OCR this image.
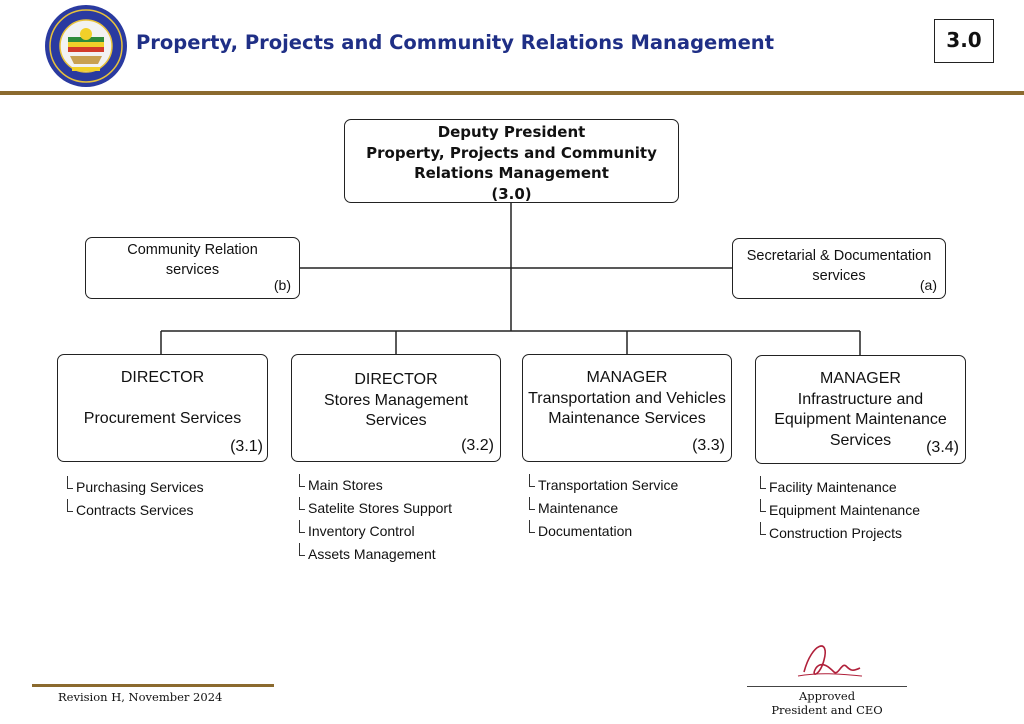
Property, Projects and Community Relations Management	3.0
Deputy President
Property, Projects and Community
Relations Management
(3.0)
Community Relation
services
(b)
Secretarial & Documentation
services
(a)
DIRECTOR
Procurement Services
(3.1)
DIRECTOR
Stores Management
Services
(3.2)
MANAGER
Transportation and Vehicles
Maintenance Services
(3.3)
MANAGER
Infrastructure and
Equipment Maintenance
Services	(3.4)
Purchasing Services
Contracts Services
Main Stores
Satelite Stores Support
Inventory Control
Assets Management
Transportation Service
Maintenance
Documentation
Facility Maintenance
Equipment Maintenance
Construction Projects
Revision H, November 2024	Approved
President and CEO
